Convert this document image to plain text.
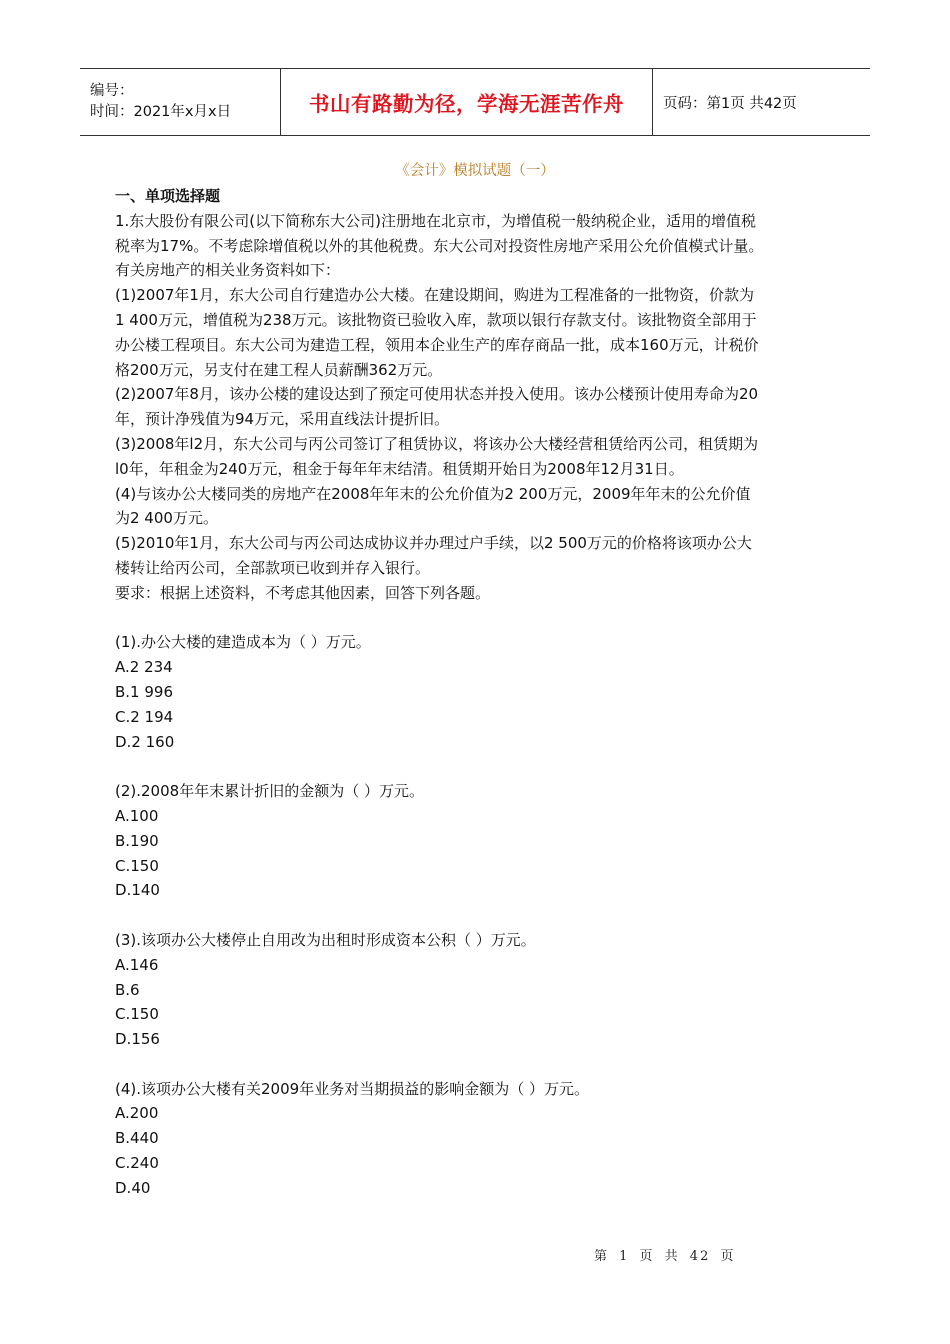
编号：
时间：2021年x月x日	书山有路勤为径，学海无涯苦作舟	页码：第1页 共42页
《会计》模拟试题（一）

一、单项选择题

1.东大股份有限公司(以下简称东大公司)注册地在北京市，为增值税一般纳税企业，适用的增值税

税率为17%。不考虑除增值税以外的其他税费。东大公司对投资性房地产采用公允价值模式计量。

有关房地产的相关业务资料如下：

(1)2007年1月，东大公司自行建造办公大楼。在建设期间，购进为工程准备的一批物资，价款为

1 400万元，增值税为238万元。该批物资已验收入库，款项以银行存款支付。该批物资全部用于

办公楼工程项目。东大公司为建造工程，领用本企业生产的库存商品一批，成本160万元，计税价

格200万元，另支付在建工程人员薪酬362万元。

(2)2007年8月，该办公楼的建设达到了预定可使用状态并投入使用。该办公楼预计使用寿命为20

年，预计净残值为94万元，采用直线法计提折旧。

(3)2008年l2月，东大公司与丙公司签订了租赁协议，将该办公大楼经营租赁给丙公司，租赁期为

l0年，年租金为240万元，租金于每年年末结清。租赁期开始日为2008年12月31日。

(4)与该办公大楼同类的房地产在2008年年末的公允价值为2 200万元，2009年年末的公允价值

为2 400万元。

(5)2010年1月，东大公司与丙公司达成协议并办理过户手续，以2 500万元的价格将该项办公大

楼转让给丙公司，全部款项已收到并存入银行。

要求：根据上述资料，不考虑其他因素，回答下列各题。

(1).办公大楼的建造成本为（ ）万元。

A.2 234

B.1 996

C.2 194

D.2 160

(2).2008年年末累计折旧的金额为（ ）万元。

A.100

B.190

C.150

D.140

(3).该项办公大楼停止自用改为出租时形成资本公积（ ）万元。

A.146

B.6

C.150

D.156

(4).该项办公大楼有关2009年业务对当期损益的影响金额为（ ）万元。

A.200

B.440

C.240

D.40

第 1 页 共 42 页
